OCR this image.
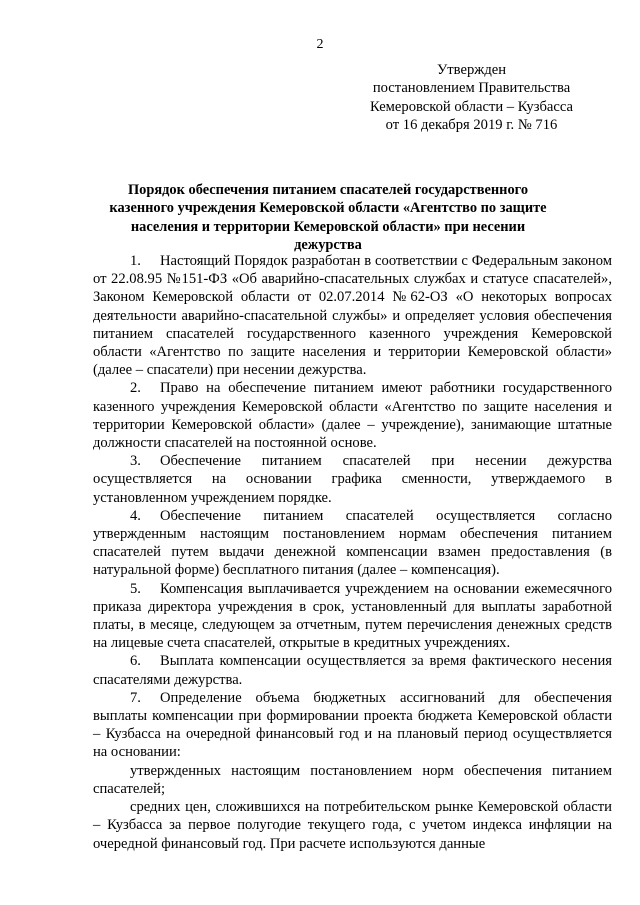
2
Утвержден
постановлением Правительства
Кемеровской области – Кузбасса
от 16 декабря 2019 г. № 716
Порядок обеспечения питанием спасателей государственного казенного учреждения Кемеровской области «Агентство по защите населения и территории Кемеровской области» при несении дежурства

1. Настоящий Порядок разработан в соответствии с Федеральным законом от 22.08.95 №151-ФЗ «Об аварийно-спасательных службах и статусе спасателей», Законом Кемеровской области от 02.07.2014 №62-ОЗ «О некоторых вопросах деятельности аварийно-спасательной службы» и определяет условия обеспечения питанием спасателей государственного казенного учреждения Кемеровской области «Агентство по защите населения и территории Кемеровской области» (далее – спасатели) при несении дежурства.

2. Право на обеспечение питанием имеют работники государственного казенного учреждения Кемеровской области «Агентство по защите населения и территории Кемеровской области» (далее – учреждение), занимающие штатные должности спасателей на постоянной основе.

3. Обеспечение питанием спасателей при несении дежурства осуществляется на основании графика сменности, утверждаемого в установленном учреждением порядке.

4. Обеспечение питанием спасателей осуществляется согласно утвержденным настоящим постановлением нормам обеспечения питанием спасателей путем выдачи денежной компенсации взамен предоставления (в натуральной форме) бесплатного питания (далее – компенсация).

5. Компенсация выплачивается учреждением на основании ежемесячного приказа директора учреждения в срок, установленный для выплаты заработной платы, в месяце, следующем за отчетным, путем перечисления денежных средств на лицевые счета спасателей, открытые в кредитных учреждениях.

6. Выплата компенсации осуществляется за время фактического несения спасателями дежурства.

7. Определение объема бюджетных ассигнований для обеспечения выплаты компенсации при формировании проекта бюджета Кемеровской области – Кузбасса на очередной финансовый год и на плановый период осуществляется на основании:

утвержденных настоящим постановлением норм обеспечения питанием спасателей;

средних цен, сложившихся на потребительском рынке Кемеровской области – Кузбасса за первое полугодие текущего года, с учетом индекса инфляции на очередной финансовый год. При расчете используются данные
